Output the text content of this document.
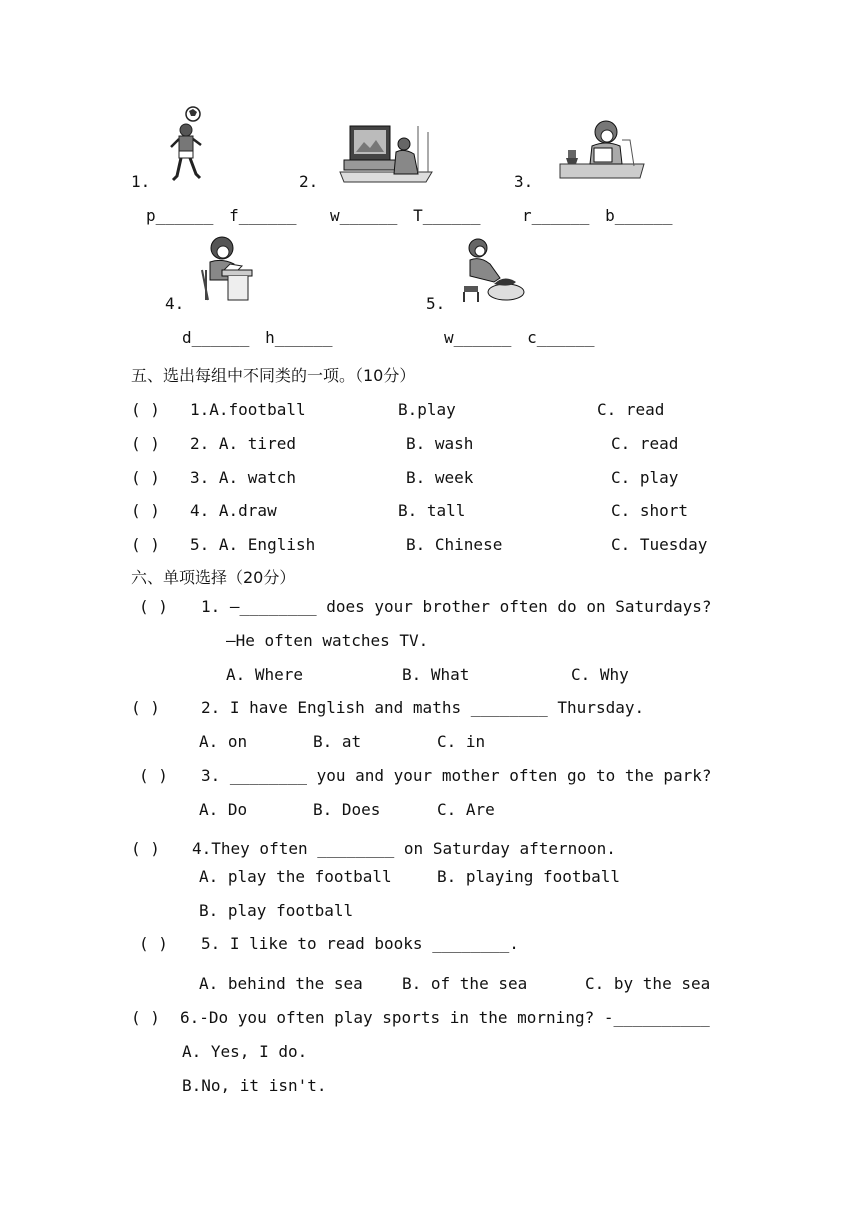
1.	2.	3.
p______ f______ w______ T______	r______ b______
4.	5.
d______ h______	w______ c______
五、选出每组中不同类的一项。（10分）
( ) 1.A.football	B.play	C. read
( ) 2. A. tired	B. wash	C. read
( ) 3. A. watch	B. week	C. play
( ) 4. A.draw	B. tall	C. short
( ) 5. A. English	B. Chinese	C. Tuesday
六、单项选择（20分）
( ) 1. —________ does your brother often do on Saturdays?
—He often watches TV.
A. Where	B. What	C. Why
( )	2. I have English and maths ________ Thursday.
A. on	B. at	C. in
( ) 3. ________ you and your mother often go to the park?
A. Do	B. Does	C. Are
( ) 4.They often ________ on Saturday afternoon.
A. play the football	B. playing football
B. play football
( ) 5. I like to read books ________.
A. behind the sea B. of the sea	C. by the sea
( ) 6.-Do you often play sports in the morning? -__________
A. Yes, I do.
B.No, it isn't.
